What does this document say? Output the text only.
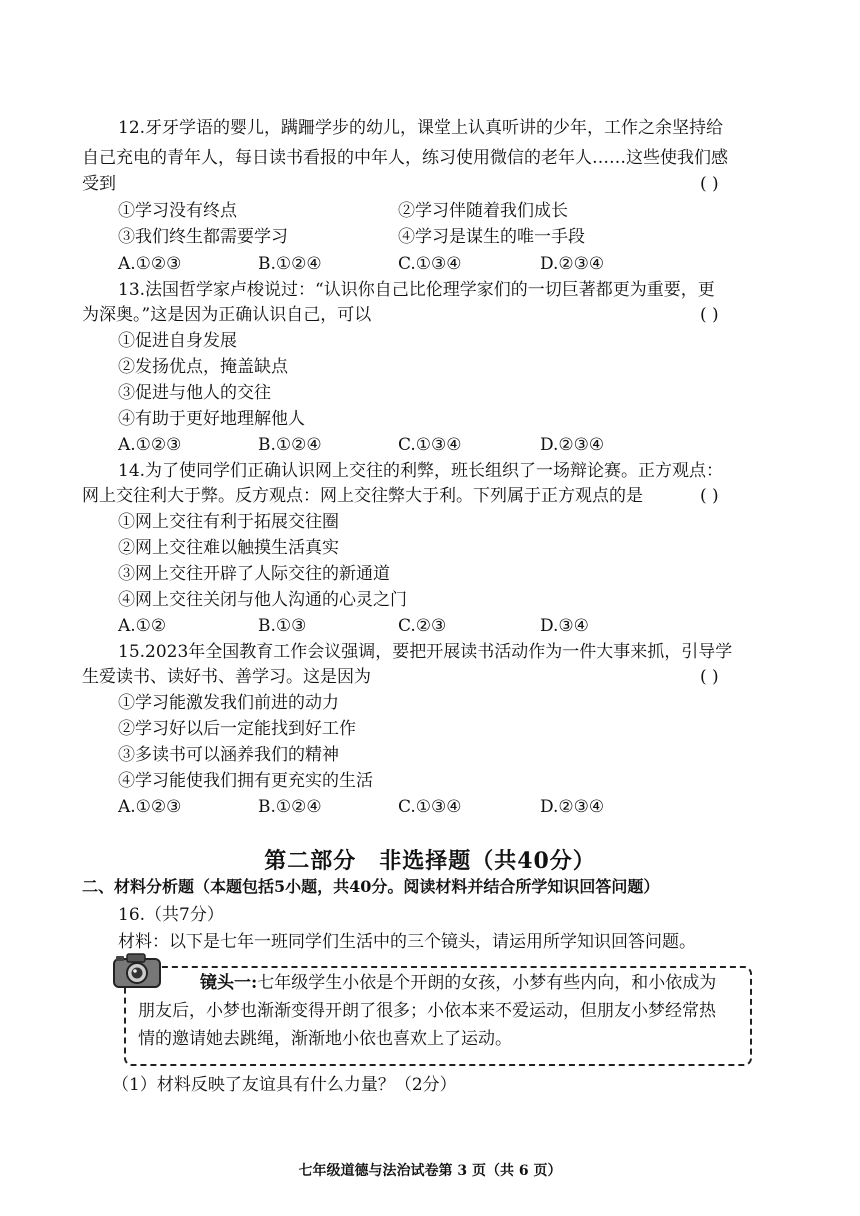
12.牙牙学语的婴儿，蹒跚学步的幼儿，课堂上认真听讲的少年，工作之余坚持给
自己充电的青年人，每日读书看报的中年人，练习使用微信的老年人……这些使我们感
受到	( )
①学习没有终点	②学习伴随着我们成长
③我们终生都需要学习	④学习是谋生的唯一手段
A.①②③	B.①②④	C.①③④	D.②③④
13.法国哲学家卢梭说过：“认识你自己比伦理学家们的一切巨著都更为重要，更
为深奥。”这是因为正确认识自己，可以	( )
①促进自身发展
②发扬优点，掩盖缺点
③促进与他人的交往
④有助于更好地理解他人
A.①②③	B.①②④	C.①③④	D.②③④
14.为了使同学们正确认识网上交往的利弊，班长组织了一场辩论赛。正方观点：
网上交往利大于弊。反方观点：网上交往弊大于利。下列属于正方观点的是	( )
①网上交往有利于拓展交往圈
②网上交往难以触摸生活真实
③网上交往开辟了人际交往的新通道
④网上交往关闭与他人沟通的心灵之门
A.①②	B.①③	C.②③	D.③④
15.2023年全国教育工作会议强调，要把开展读书活动作为一件大事来抓，引导学
生爱读书、读好书、善学习。这是因为	( )
①学习能激发我们前进的动力
②学习好以后一定能找到好工作
③多读书可以涵养我们的精神
④学习能使我们拥有更充实的生活
A.①②③	B.①②④	C.①③④	D.②③④
第二部分　非选择题（共40分）
二、材料分析题（本题包括5小题，共40分。阅读材料并结合所学知识回答问题）
16.（共7分）
材料：以下是七年一班同学们生活中的三个镜头，请运用所学知识回答问题。
镜头一:七年级学生小依是个开朗的女孩，小梦有些内向，和小依成为
朋友后，小梦也渐渐变得开朗了很多；小依本来不爱运动，但朋友小梦经常热
情的邀请她去跳绳，渐渐地小依也喜欢上了运动。
（1）材料反映了友谊具有什么力量？（2分）
七年级道德与法治试卷第 3 页（共 6 页）
